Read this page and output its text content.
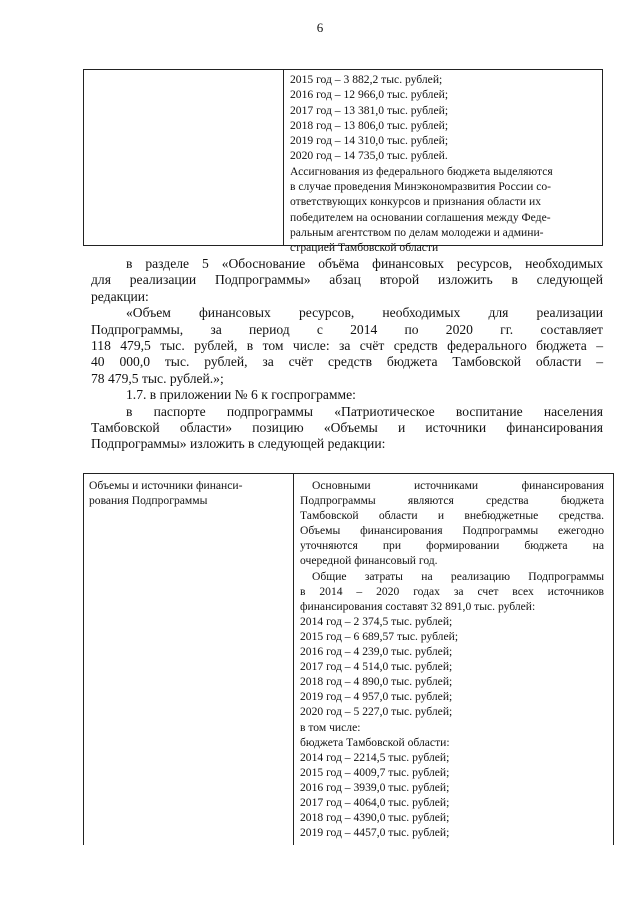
6
2015 год – 3 882,2 тыс. рублей;
2016 год – 12 966,0 тыс. рублей;
2017 год – 13 381,0 тыс. рублей;
2018 год – 13 806,0 тыс. рублей;
2019 год – 14 310,0 тыс. рублей;
2020 год – 14 735,0 тыс. рублей.
Ассигнования из федерального бюджета выделяются
в случае проведения Минэкономразвития России со-
ответствующих конкурсов и признания области их
победителем на основании соглашения между Феде-
ральным агентством по делам молодежи и админи-
страцией Тамбовской области

в разделе 5 «Обоснование объёма финансовых ресурсов, необходимых

для реализации Подпрограммы» абзац второй изложить в следующей

редакции:

«Объем финансовых ресурсов, необходимых для реализации

Подпрограммы, за период с 2014 по 2020 гг. составляет

118 479,5 тыс. рублей, в том числе: за счёт средств федерального бюджета –

40 000,0 тыс. рублей, за счёт средств бюджета Тамбовской области –

78 479,5 тыс. рублей.»;

1.7. в приложении № 6 к госпрограмме:

в паспорте подпрограммы «Патриотическое воспитание населения

Тамбовской области» позицию «Объемы и источники финансирования

Подпрограммы» изложить в следующей редакции:

Объемы и источники финанси-
рования Подпрограммы
Основными источниками финансирования
Подпрограммы являются средства бюджета
Тамбовской области и внебюджетные средства.
Объемы финансирования Подпрограммы ежегодно
уточняются при формировании бюджета на
очередной финансовый год.
Общие затраты на реализацию Подпрограммы
в 2014 – 2020 годах за счет всех источников
финансирования составят 32 891,0 тыс. рублей:
2014 год – 2 374,5 тыс. рублей;
2015 год – 6 689,57 тыс. рублей;
2016 год – 4 239,0 тыс. рублей;
2017 год – 4 514,0 тыс. рублей;
2018 год – 4 890,0 тыс. рублей;
2019 год – 4 957,0 тыс. рублей;
2020 год – 5 227,0 тыс. рублей;
в том числе:
бюджета Тамбовской области:
2014 год – 2214,5 тыс. рублей;
2015 год – 4009,7 тыс. рублей;
2016 год – 3939,0 тыс. рублей;
2017 год – 4064,0 тыс. рублей;
2018 год – 4390,0 тыс. рублей;
2019 год – 4457,0 тыс. рублей;
